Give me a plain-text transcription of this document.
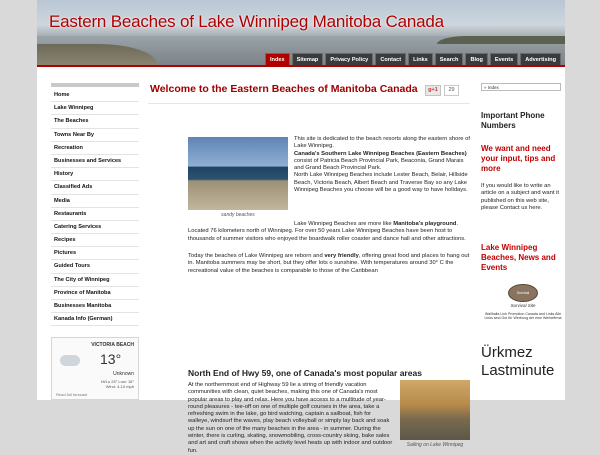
Eastern Beaches of Lake Winnipeg Manitoba Canada
Index	Sitemap	Privacy Policy	Contact	Links	Search	Blog	Events	Advertising
Home
Lake Winnipeg
The Beaches
Towns Near By
Recreation
Businesses and Services
History
Classified Ads
Media
Restaurants
Catering Services
Recipes
Pictures
Guided Tours
The City of Winnipeg
Province of Manitoba
Businesses Manitoba
Kanada Info (German)
VICTORIA BEACH
13°
Unknown
Hi/Lo 29° Low: 16°
Wind: 4-10 mph
Read full forecast
Welcome to the Eastern Beaches of Manitoba Canada	g+1	29
sandy beaches
This site is dedicated to the beach resorts along the eastern shore of Lake Winnipeg.
Canada's Southern Lake Winnipeg Beaches (Eastern Beaches)
consist of Patricia Beach Provincial Park, Beaconia, Grand Marais and Grand Beach Provincial Park.
North Lake Winnipeg Beaches include Lester Beach, Belair, Hillside Beach, Victoria Beach, Albert Beach and Traverse Bay so any Lake Winnipeg Beaches you choose will be a good way to have holidays.
Lake Winnipeg Beaches are more like Manitoba's playground. Located 76 kilometers north of Winnipeg. For over 50 years Lake Winnipeg Beaches have been host to thousands of summer visitors who enjoyed the boardwalk roller coaster and dance hall and other attractions.
Today the beaches of Lake Winnipeg are reborn and very friendly, offering great food and places to hang out in. Manitoba summers may be short, but they offer lots o sunshine. With temperatures around 30° C the recreational value of the beaches is comparable to those of the Caribbean
North End of Hwy 59, one of Canada's most popular areas
At the northernmost end of Highway 59 lie a string of friendly vacation communities with clean, quiet beaches, making this one of Canada's most popular areas to play and relax. Here you have access to a multitude of year-round pleasures - tee-off on one of multiple golf courses in the area, take a refreshing swim in the lake, go bird watching, captain a sailboat, fish for walleye, windsurf the waves, play beach volleyball or simply lay back and soak up the sun on one of the many beaches in the area - in summer. During the winter, there is curling, skating, snowmobiling, cross-country skiing, bake sales and art and craft shows when the activity level heats up with indoor and outdoor fun.
Sailing on Lake Winnipeg
» Index
Important Phone Numbers
We want and need your input, tips and more
If you would like to write an article on a subject and want it published on this web site, please Contact us here.
Lake Winnipeg Beaches, News and Events
Survival
Survival Site
Wallhalla Link Promotion Canada and Links Alle Links sind Gut für Werbung der eine Werbefirma
Ürkmez Lastminute
